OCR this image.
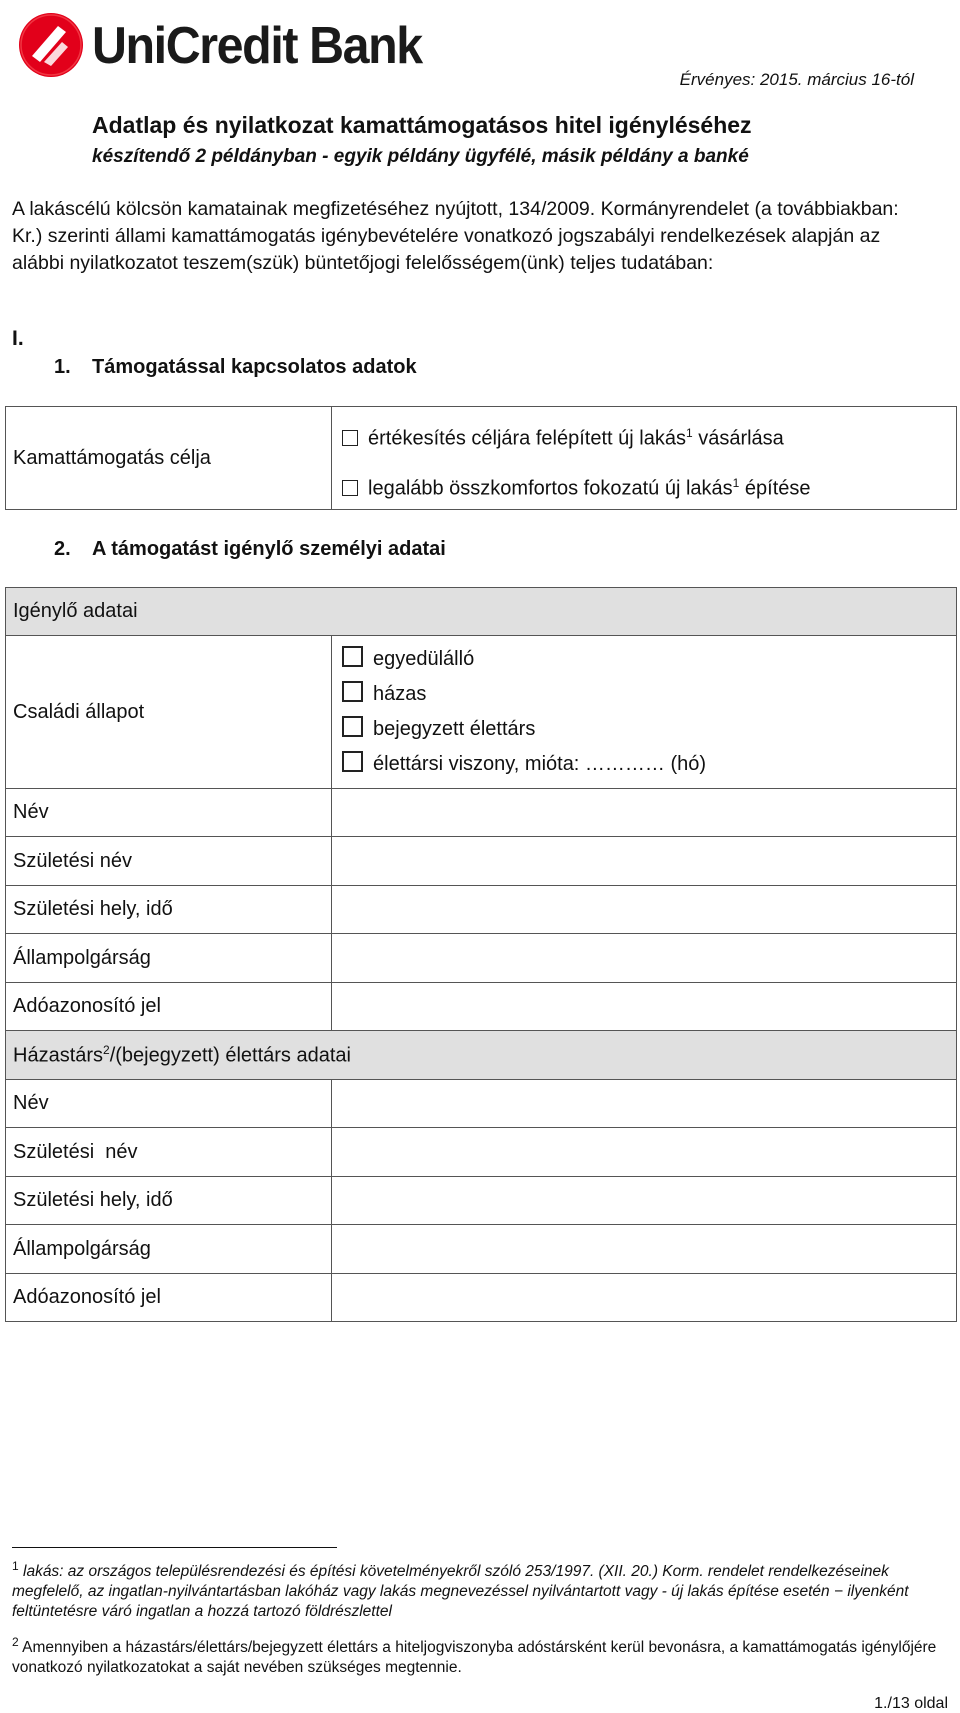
UniCredit Bank
Érvényes: 2015. március 16-tól
Adatlap és nyilatkozat kamattámogatásos hitel igényléséhez
készítendő 2 példányban - egyik példány ügyfélé, másik példány a banké
A lakáscélú kölcsön kamatainak megfizetéséhez nyújtott, 134/2009. Kormányrendelet (a továbbiakban: Kr.) szerinti állami kamattámogatás igénybevételére vonatkozó jogszabályi rendelkezések alapján az alábbi nyilatkozatot teszem(szük) büntetőjogi felelősségem(ünk) teljes tudatában:
I.
1. Támogatással kapcsolatos adatok
Kamattámogatás célja	
értékesítés céljára felépített új lakás$^1$ vásárlása
legalább összkomfortos fokozatú új lakás$^1$ építése
2. A támogatást igénylő személyi adatai
Igénylő adatai	
Családi állapot	egyedülálló
házas
bejegyzett élettárs
élettársi viszony, mióta: ………… (hó)

Név	
Születési név	
Születési hely, idő	
Állampolgárság	
Adóazonosító jel	
Házastárs$^2$/(bejegyzett) élettárs adatai	
Név	
Születési  név	
Születési hely, idő	
Állampolgárság	
Adóazonosító jel	
$^1$ lakás: az országos településrendezési és építési követelményekről szóló 253/1997. (XII. 20.) Korm. rendelet rendelkezéseinek megfelelő, az ingatlan-nyilvántartásban lakóház vagy lakás megnevezéssel nyilvántartott vagy - új lakás építése esetén − ilyenként feltüntetésre váró ingatlan a hozzá tartozó földrészlettel
$^2$ Amennyiben a házastárs/élettárs/bejegyzett élettárs a hiteljogviszonyba adóstársként kerül bevonásra, a kamattámogatás igénylőjére vonatkozó nyilatkozatokat a saját nevében szükséges megtennie.
1./13 oldal
